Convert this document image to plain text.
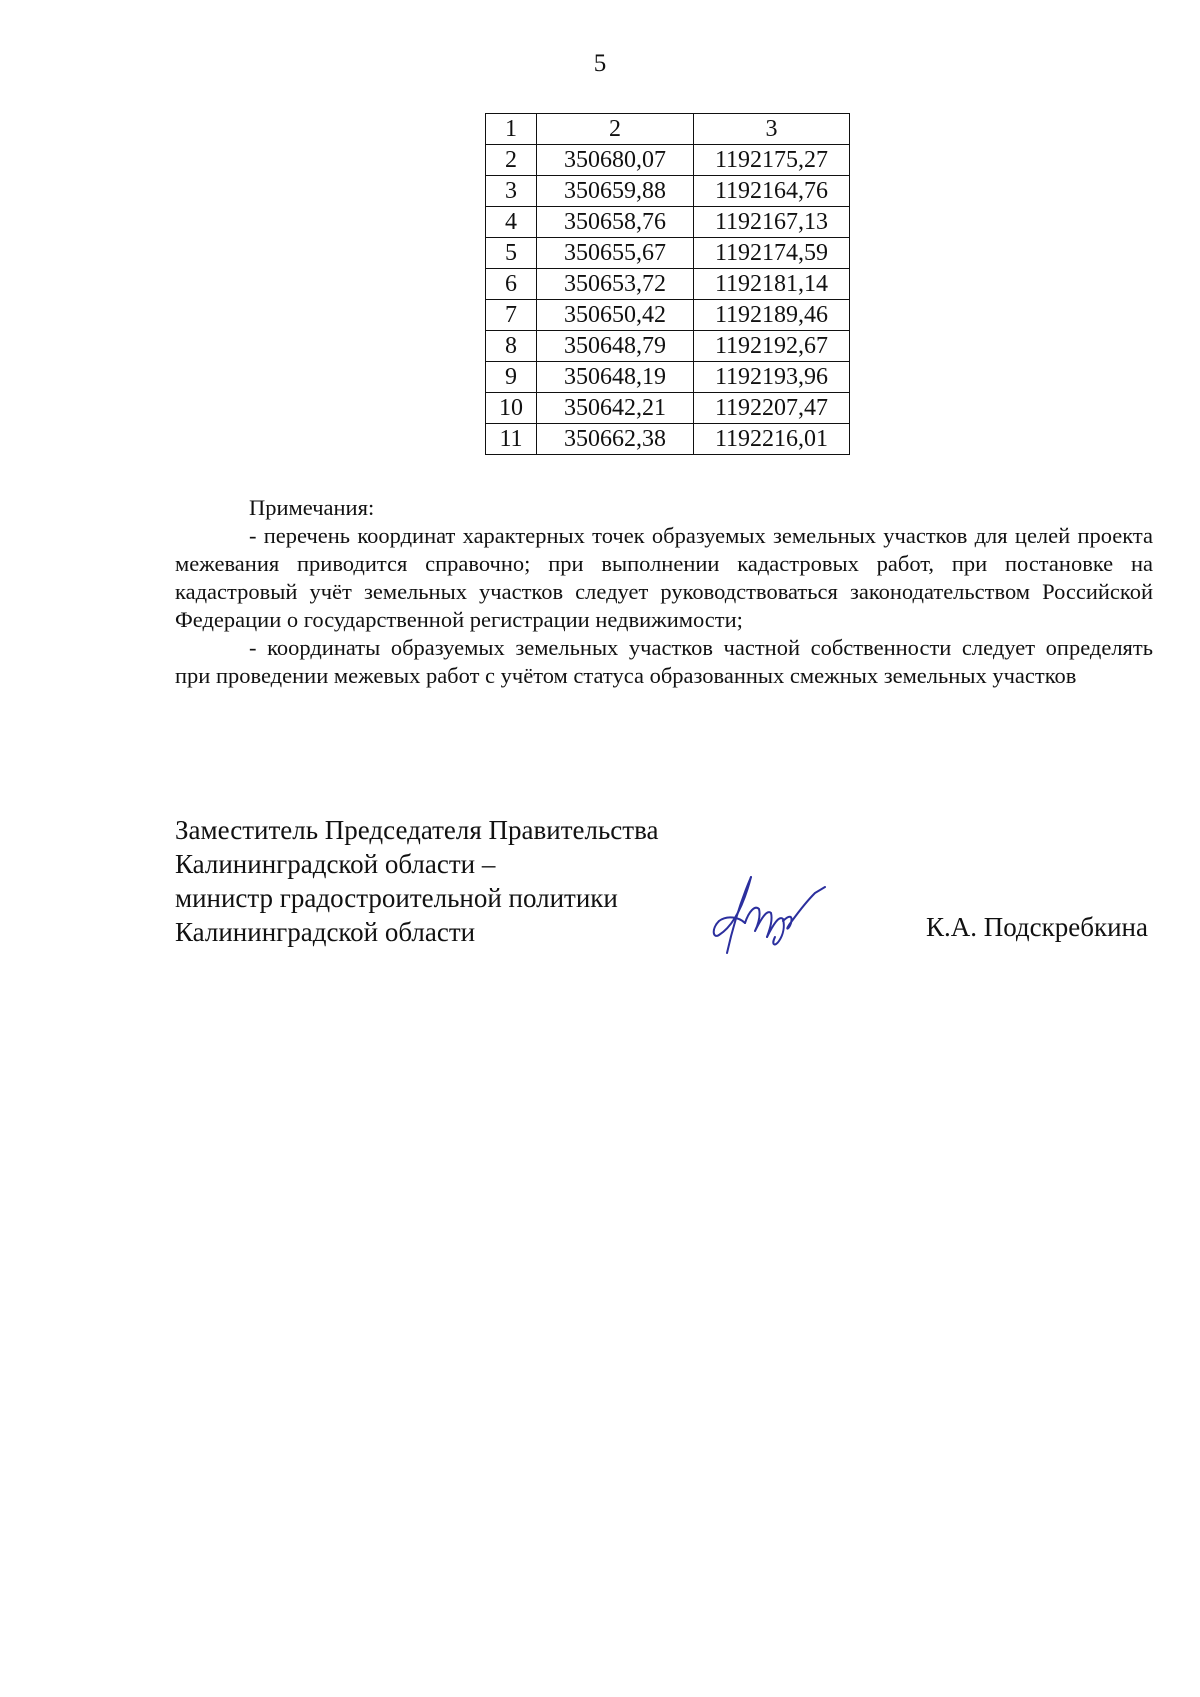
5
1	2	3
2	350680,07	1192175,27
3	350659,88	1192164,76
4	350658,76	1192167,13
5	350655,67	1192174,59
6	350653,72	1192181,14
7	350650,42	1192189,46
8	350648,79	1192192,67
9	350648,19	1192193,96
10	350642,21	1192207,47
11	350662,38	1192216,01

Примечания:

- перечень координат характерных точек образуемых земельных участков для целей проекта межевания приводится справочно; при выполнении кадастровых работ, при постановке на кадастровый учёт земельных участков следует руководствоваться законодательством Российской Федерации о государственной регистрации недвижимости;

- координаты образуемых земельных участков частной собственности следует определять при проведении межевых работ с учётом статуса образованных смежных земельных участков

Заместитель Председателя Правительства
Калининградской области –
министр градостроительной политики
Калининградской области	К.А. Подскребкина
